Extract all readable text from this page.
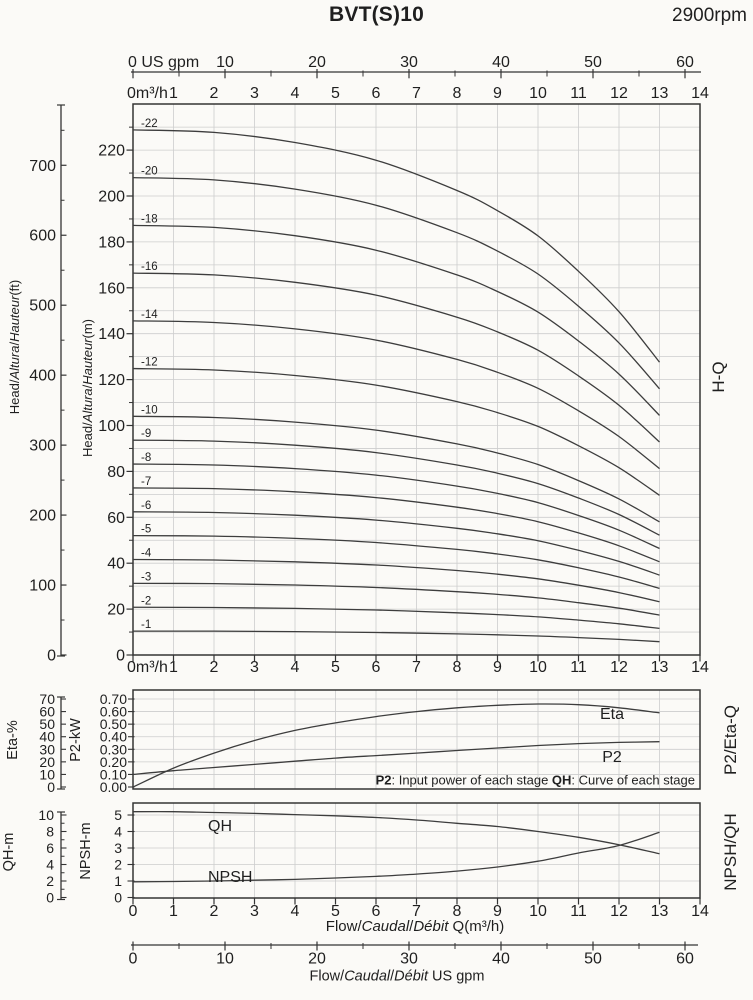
BVT(S)10	2900rpm
0 US gpm 10	20	30	40	50	60
0m³/h 1 2 3 4 5 6 7 8 9 10 11 12 13 14
0m³/h 1 2 3 4 5 6 7 8 9 10 11 12 13 14
0
20
40
60
80
100
120
140
160
180
200
220
Head/Altura/Hauteur(m)
0
100
200
300
400
500
600
700
Head/Altura/Hauteur(ft)
-22
-20
-18
-16
-14
-12
-10
-9
-8
-7
-6
-5
-4
-3
-2
-1
H-Q
0
10
20
30
40
50
60
70
Eta-%
0.00
0.10
0.20
0.30
0.40
0.50
0.60
0.70
P2-kW
Eta
P2
P2: Input power of each stage QH: Curve of each stage
P2/Eta-Q
0
2
4
6
8
10
QH-m
0
1
2
3
4
5
NPSH-m	QH
NPSH
0 1 2 3 4 5 6 7 8 9 10 11 12 13 14
Flow/Caudal/Débit Q(m³/h)
0	10	20	30	40	50	60
Flow/Caudal/Débit US gpm
NPSH/QH
